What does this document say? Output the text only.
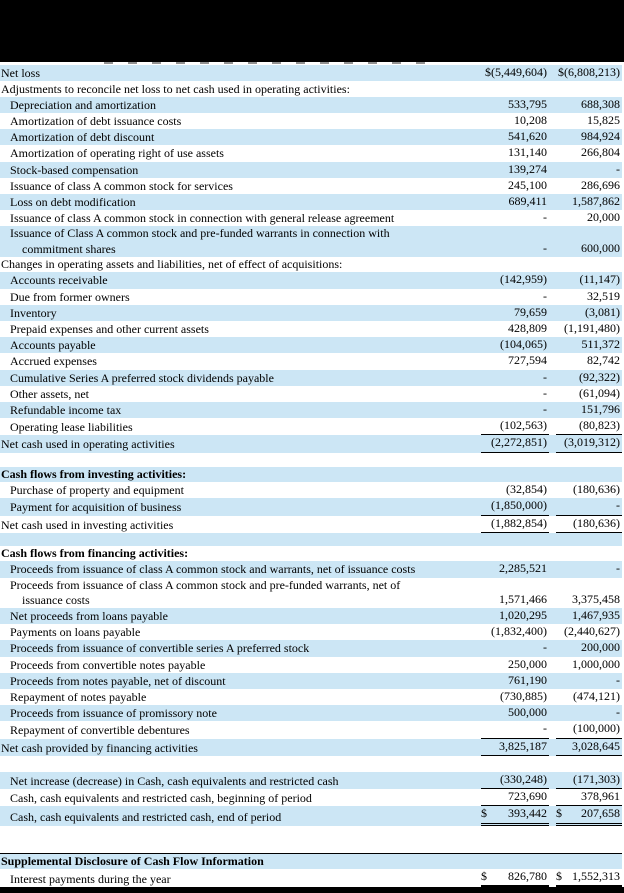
Net loss	$(5,449,604) $(6,808,213)
Adjustments to reconcile net loss to net cash used in operating activities:
Depreciation and amortization	533,795	688,308
Amortization of debt issuance costs	10,208	15,825
Amortization of debt discount	541,620	984,924
Amortization of operating right of use assets	131,140	266,804
Stock-based compensation	139,274	-
Issuance of class A common stock for services	245,100	286,696
Loss on debt modification	689,411	1,587,862
Issuance of class A common stock in connection with general release agreement	-	20,000
Issuance of Class A common stock and pre-funded warrants in connection with
commitment shares	-	600,000
Changes in operating assets and liabilities, net of effect of acquisitions:
Accounts receivable	(142,959)	(11,147)
Due from former owners	-	32,519
Inventory	79,659	(3,081)
Prepaid expenses and other current assets	428,809	(1,191,480)
Accounts payable	(104,065)	511,372
Accrued expenses	727,594	82,742
Cumulative Series A preferred stock dividends payable	-	(92,322)
Other assets, net	-	(61,094)
Refundable income tax	-	151,796
Operating lease liabilities	(102,563)	(80,823)
Net cash used in operating activities	(2,272,851)	(3,019,312)
Cash flows from investing activities:
Purchase of property and equipment	(32,854)	(180,636)
Payment for acquisition of business	(1,850,000)	-
Net cash used in investing activities	(1,882,854)	(180,636)
Cash flows from financing activities:
Proceeds from issuance of class A common stock and warrants, net of issuance costs	2,285,521	-
Proceeds from issuance of class A common stock and pre-funded warrants, net of
issuance costs	1,571,466	3,375,458
Net proceeds from loans payable	1,020,295	1,467,935
Payments on loans payable	(1,832,400)	(2,440,627)
Proceeds from issuance of convertible series A preferred stock	-	200,000
Proceeds from convertible notes payable	250,000	1,000,000
Proceeds from notes payable, net of discount	761,190	-
Repayment of notes payable	(730,885)	(474,121)
Proceeds from issuance of promissory note	500,000	-
Repayment of convertible debentures	-	(100,000)
Net cash provided by financing activities	3,825,187	3,028,645
Net increase (decrease) in Cash, cash equivalents and restricted cash	(330,248)	(171,303)
Cash, cash equivalents and restricted cash, beginning of period	723,690	378,961
Cash, cash equivalents and restricted cash, end of period	$ 393,442 $ 207,658
Supplemental Disclosure of Cash Flow Information
Interest payments during the year	$ 826,780 $ 1,552,313
